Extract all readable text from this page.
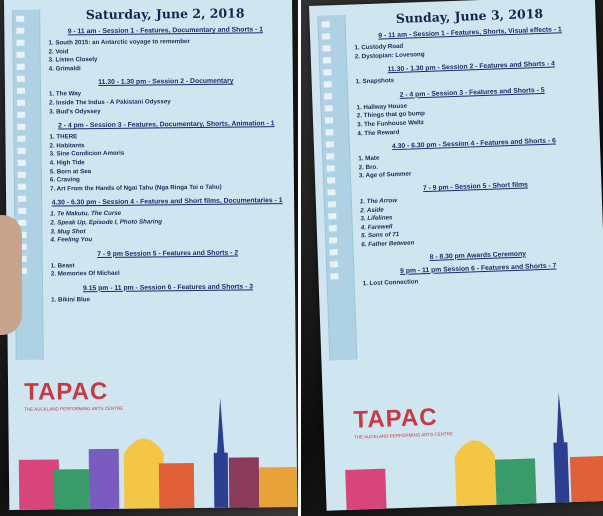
Saturday, June 2, 2018
9 - 11 am - Session 1 - Features, Documentary and Shorts - 1
1. South 2015: an Antarctic voyage to remember
2. Void
3. Listen Closely
4. Grimaldi
11.30 - 1.30 pm - Session 2 - Documentary
1. The Way
2. Inside The Indus - A Pakistani Odyssey
3. Bud's Odyssey
2 - 4 pm - Session 3 - Features, Documentary, Shorts, Animation - 1
1. THERE
2. Habitants
3. Sine Condicion Amoris
4. High Tide
5. Born at Sea
6. Craving
7. Art From the Hands of Ngai Tahu (Nga Ringa Toi o Tahu)
4.30 - 6.30 pm - Session 4 - Features and Short films, Documentaries - 1
1. Te Makutu, The Curse
2. Speak Up, Episode I, Photo Sharing
3. Mug Shot
4. Feeling You
7 - 9 pm Session 5 - Features and Shorts - 2
1. Beast
2. Memories Of Michael
9.15 pm - 11 pm - Session 6 - Features and Shorts - 3
1. Bikini Blue
TAPAC
THE AUCKLAND PERFORMING ARTS CENTRE
Sunday, June 3, 2018
9 - 11 am - Session 1 - Features, Shorts, Visual effects - 1
1. Custody Road
2. Dystopian: Lovesong
11.30 - 1.30 pm - Session 2 - Features and Shorts - 4
1. Snapshots
2 - 4 pm - Session 3 - Features and Shorts - 5
1. Hallway House
2. Things that go bump
3. The Funhouse Waltz
4. The Reward
4.30 - 6.30 pm - Session 4 - Features and Shorts - 6
1. Mate
2. Bro.
3. Age of Summer
7 - 9 pm - Session 5 - Short films
1. The Arrow
2. Aside
3. Lifelines
4. Farewell
5. Sons of 71
6. Father Between
8 - 8.30 pm Awards Ceremony
9 pm - 11 pm Session 6 - Features and Shorts - 7
1. Lost Connection
TAPAC
THE AUCKLAND PERFORMING ARTS CENTRE
